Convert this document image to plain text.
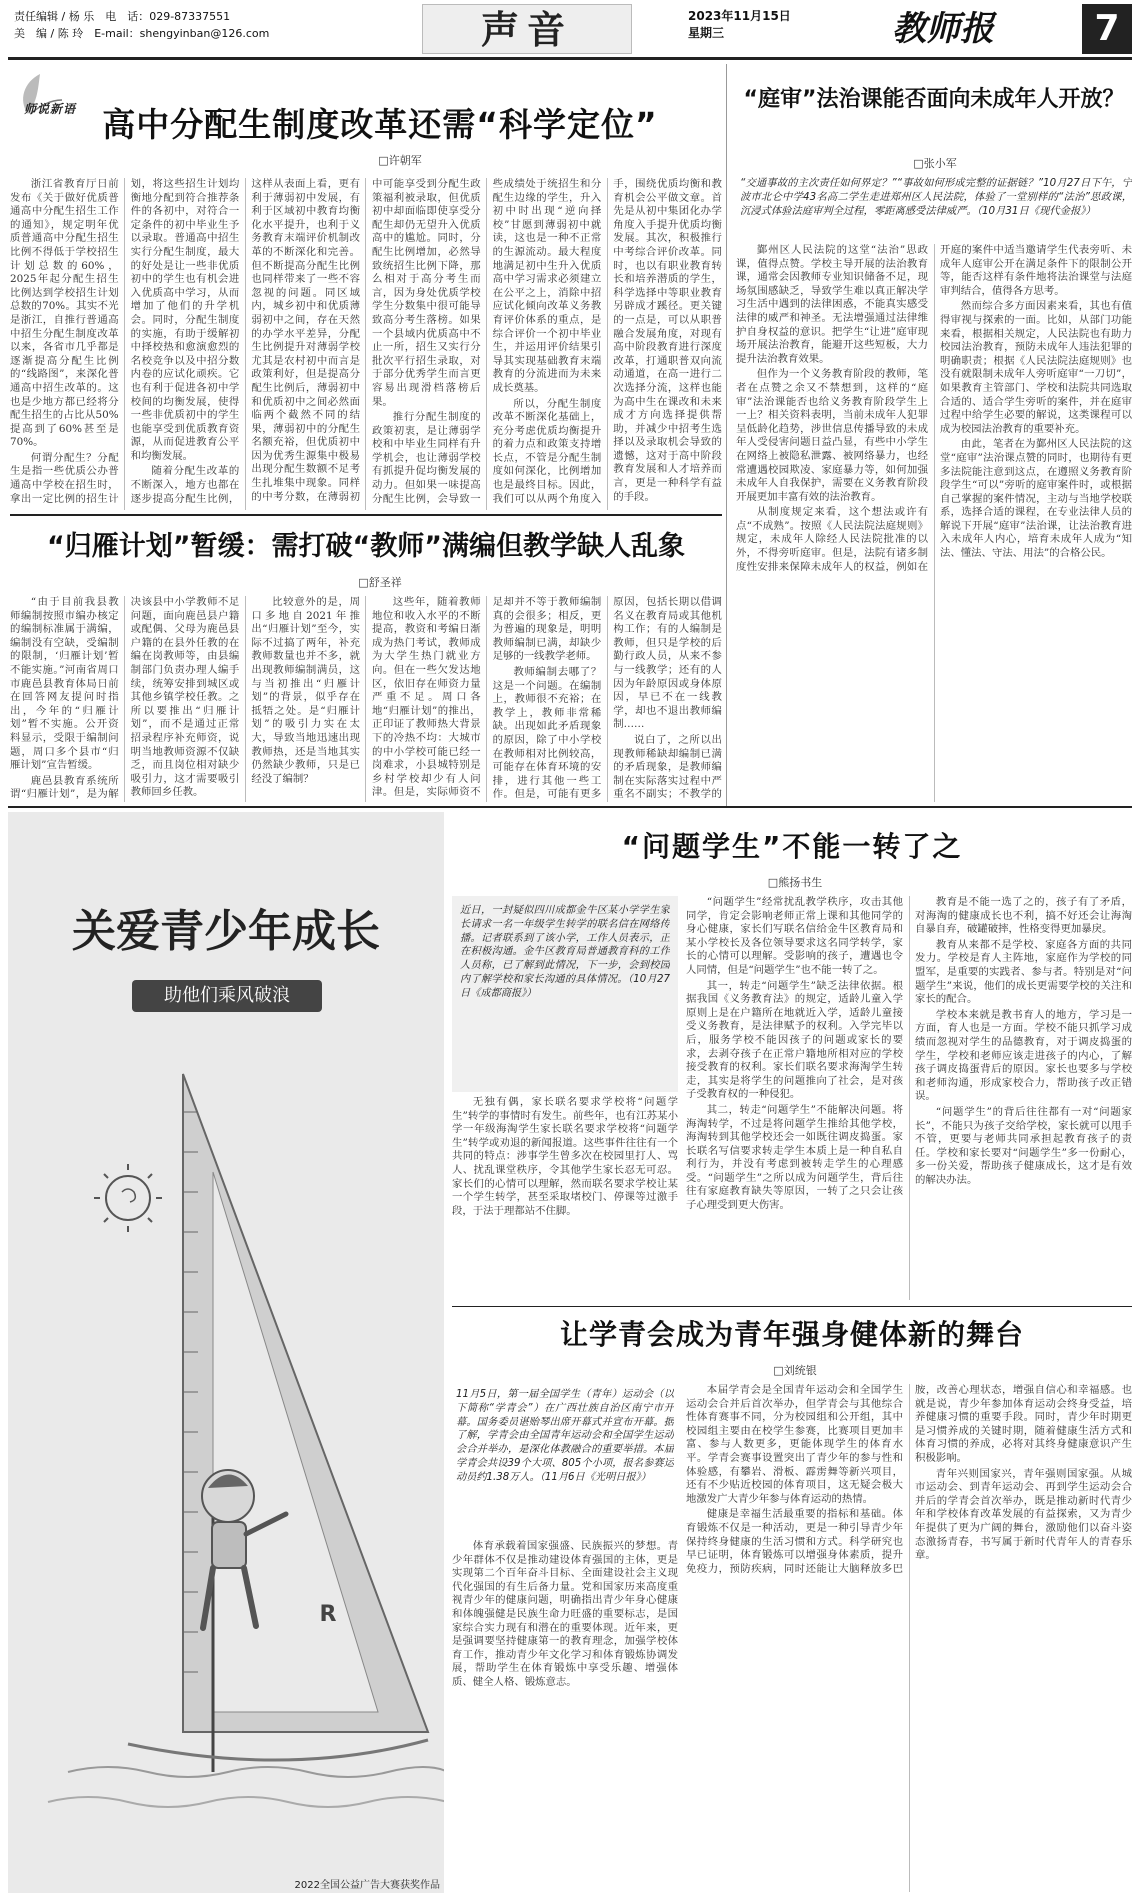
责任编辑 / 杨 乐　电　话：029-87337551
美　编 / 陈 玲　E-mail：shengyinban@126.com	声音	2023年11月15日
星期三	教师报	7
师说新语 高中分配生制度改革还需“科学定位”
□许朝军

浙江省教育厅日前发布《关于做好优质普通高中分配生招生工作的通知》，规定明年优质普通高中分配生招生比例不得低于学校招生计划总数的60%，2025年起分配生招生比例达到学校招生计划总数的70%。其实不光是浙江，自推行普通高中招生分配生制度改革以来，各省市几乎都是逐渐提高分配生比例的“线路图”，来深化普通高中招生改革的。这也是少地方都已经将分配生招生的占比从50%提高到了60%甚至是70%。

何谓分配生？分配生是指一些优质公办普通高中学校在招生时，拿出一定比例的招生计划，将这些招生计划均衡地分配到符合推荐条件的各初中，对符合一定条件的初中毕业生予以录取。普通高中招生实行分配生制度，最大的好处是让一些非优质初中的学生也有机会进入优质高中学习，从而增加了他们的升学机会。同时，分配生制度的实施，有助于缓解初中择校热和愈演愈烈的名校竞争以及中招分数内卷的应试化顽疾。它也有利于促进各初中学校间的均衡发展，使得一些非优质初中的学生也能享受到优质教育资源，从而促进教育公平和均衡发展。

随着分配生改革的不断深入，地方也都在逐步提高分配生比例，这样从表面上看，更有利于薄弱初中发展，有利于区域初中教育均衡化水平提升，也利于义务教育末端评价机制改革的不断深化和完善。但不断提高分配生比例也同样带来了一些不容忽视的问题。同区域内，城乡初中和优质薄弱初中之间，存在天然的办学水平差异，分配生比例提升对薄弱学校尤其是农村初中而言是政策利好，但是提高分配生比例后，薄弱初中和优质初中之间必然面临两个截然不同的结果，薄弱初中的分配生名额充裕，但优质初中因为优秀生源集中极易出现分配生数额不足考生扎堆集中现象。同样的中考分数，在薄弱初中可能享受到分配生政策福利被录取，但优质初中却面临即使享受分配生却仍无望升入优质高中的尴尬。同时，分配生比例增加，必然导致统招生比例下降，那么相对于高分考生而言，因为身处优质学校学生分数集中很可能导致高分考生落榜。如果一个县域内优质高中不止一所，招生又实行分批次平行招生录取，对于部分优秀学生而言更容易出现滑档落榜后果。

推行分配生制度的政策初衷，是让薄弱学校和中毕业生同样有升学机会，也让薄弱学校有抓提升促均衡发展的动力。但如果一味提高分配生比例，会导致一些成绩处于统招生和分配生边缘的学生，升入初中时出现“逆向择校”甘愿到薄弱初中就读，这也是一种不正常的生源流动。最大程度地满足初中生升入优质高中学习需求必须建立在公平之上，消除中招应试化倾向改革义务教育评价体系的重点，是综合评价一个初中毕业生，并运用评价结果引导其实现基础教育末端教育的分流进而为未来成长奠基。

所以，分配生制度改革不断深化基础上，充分考虑优质均衡提升的着力点和政策支持增长点，不管是分配生制度如何深化，比例增加也是最终目标。因此，我们可以从两个角度入手，围绕优质均衡和教育机会公平做文章。首先是从初中集团化办学角度入手提升优质均衡发展。其次，积极推行中考综合评价改革。同时，也以有职业教育转长和培养潜质的学生，科学选择中等职业教育另辟成才蹊径。更关键的一点是，可以从职普融合发展角度，对现有高中阶段教育进行深度改革，打通职普双向流动通道，在高一进行二次选择分流，这样也能为高中生在课改和未来成才方向选择提供帮助，并减少中招考生选择以及录取机会导致的遗憾，这对于高中阶段教育发展和人才培养而言，更是一种科学有益的手段。

“归雁计划”暂缓：需打破“教师”满编但教学缺人乱象
□舒圣祥

“由于目前我县教师编制按照市编办核定的编制标准属于满编，编制没有空缺，受编制的限制，‘归雁计划’暂不能实施。”河南省周口市鹿邑县教育体局日前在回答网友提问时指出，今年的“归雁计划”暂不实施。公开资料显示，受限于编制问题，周口多个县市“归雁计划”宣告暂缓。

鹿邑县教育系统所谓“归雁计划”，是为解决该县中小学教师不足问题，面向鹿邑县户籍或配偶、父母为鹿邑县户籍的在县外任教的在编在岗教师等，由县编制部门负责办理人编手续，统筹安排到城区或其他乡镇学校任教。之所以要推出“归雁计划”，而不是通过正常招录程序补充师资，说明当地教师资源不仅缺乏，而且岗位相对缺少吸引力，这才需要吸引教师回乡任教。

比较意外的是，周口多地自2021年推出“归雁计划”至今，实际不过搞了两年，补充教师数量也并不多，就出现教师编制满员，这与当初推出“归雁计划”的背景，似乎存在抵牾之处。是“归雁计划”的吸引力实在太大，导致当地迅速出现教师热，还是当地其实仍然缺少教师，只是已经没了编制？

这些年，随着教师地位和收入水平的不断提高，教资和考编日渐成为热门考试，教师成为大学生热门就业方向。但在一些欠发达地区，依旧存在师资力量严重不足。周口各地“归雁计划”的推出，正印证了教师热大背景下的冷热不均：大城市的中小学校可能已经一岗难求，小县城特别是乡村学校却少有人问津。但是，实际师资不足却并不等于教师编制真的会很多；相反，更为普遍的现象是，明明教师编制已满，却缺少足够的一线教学老师。

教师编制去哪了？这是一个问题。在编制上，教师很不充裕；在教学上，教师非常稀缺。出现如此矛盾现象的原因，除了中小学校在教师相对比例较高，可能存在体育环境的安排，进行其他一些工作。但是，可能有更多原因，包括长期以借调名义在教育局或其他机构工作；有的人编制是教师，但只是学校的后勤行政人员，从来不参与一线教学；还有的人因为年龄原因或身体原因，早已不在一线教学，却也不退出教师编制……

说白了，之所以出现教师稀缺却编制已满的矛盾现象，是教师编制在实际落实过程中严重名不副实；不教学的

“庭审”法治课能否面向未成年人开放？
□张小军
“交通事故的主次责任如何界定？”“事故如何形成完整的证据链？”10月27日下午，宁波市北仑中学43名高二学生走进郑州区人民法院，体验了一堂别样的“法治”思政课，沉浸式体验法庭审判全过程，零距离感受法律威严。（10月31日《现代金报》）

鄞州区人民法院的这堂“法治”思政课，值得点赞。学校主导开展的法治教育课，通常会因教师专业知识储备不足，现场氛围感缺乏，导致学生难以真正解决学习生活中遇到的法律困惑，不能真实感受法律的威严和神圣。无法增强通过法律维护自身权益的意识。把学生“让进”庭审现场开展法治教育，能避开这些短板，大力提升法治教育效果。

但作为一个义务教育阶段的教师，笔者在点赞之余又不禁想到，这样的“庭审”法治课能否也给义务教育阶段学生上一上？相关资料表明，当前未成年人犯罪呈低龄化趋势，涉世信息传播导致的未成年人受侵害问题日益凸显，有些中小学生在网络上被隐私泄露、被网络暴力，也经常遭遇校园欺凌、家庭暴力等，如何加强未成年人自我保护，需要在义务教育阶段开展更加丰富有效的法治教育。

从制度规定来看，这个想法或许有点“不成熟”。按照《人民法院法庭规则》规定，未成年人除经人民法院批准的以外，不得旁听庭审。但是，法院有诸多制度性安排来保障未成年人的权益，例如在开庭的案件中适当邀请学生代表旁听、未成年人庭审公开在满足条件下的限制公开等，能否这样有条件地将法治课堂与法庭审判结合，值得各方思考。

然而综合多方面因素来看，其也有值得审视与探索的一面。比如，从部门功能来看，根据相关规定，人民法院也有助力校园法治教育，预防未成年人违法犯罪的明确职责；根据《人民法院法庭规则》也没有就限制未成年人旁听庭审“一刀切”，如果教育主管部门、学校和法院共同选取合适的、适合学生旁听的案件，并在庭审过程中给学生必要的解说，这类课程可以成为校园法治教育的重要补充。

由此，笔者在为鄞州区人民法院的这堂“庭审”法治课点赞的同时，也期待有更多法院能注意到这点，在遵照义务教育阶段学生“可以”旁听的庭审案件时，或根据自己掌握的案件情况，主动与当地学校联系，选择合适的课程，在专业法律人员的解说下开展“庭审”法治课，让法治教育进入未成年人内心，培育未成年人成为“知法、懂法、守法、用法”的合格公民。

关爱青少年成长
助他们乘风破浪
R
2022全国公益广告大赛获奖作品
“问题学生”不能一转了之
□熊扬书生
近日，一封疑似四川成都金牛区某小学学生家长请求一名一年级学生转学的联名信在网络传播。记者联系到了该小学，工作人员表示，正在积极沟通。金牛区教育局普通教育科的工作人员称，已了解到此情况，下一步，会到校园内了解学校和家长沟通的具体情况。（10月27日《成都商报》）

无独有偶，家长联名要求学校将“问题学生”转学的事情时有发生。前些年，也有江苏某小学一年级海淘学生家长联名要求学校将“问题学生”转学或劝退的新闻报道。这些事件往往有一个共同的特点：涉事学生曾多次在校园里打人、骂人、扰乱课堂秩序，令其他学生家长忍无可忍。家长们的心情可以理解，然而联名要求学校让某一个学生转学，甚至采取堵校门、停课等过激手段，于法于理都站不住脚。

“问题学生”经常扰乱教学秩序，攻击其他同学，肯定会影响老师正常上课和其他同学的身心健康，家长们写联名信给金牛区教育局和某小学校长及各位领导要求这名同学转学，家长的心情可以理解。受影响的孩子，遭遇也令人同情，但是“问题学生”也不能一转了之。

其一，转走“问题学生”缺乏法律依据。根据我国《义务教育法》的规定，适龄儿童入学原则上是在户籍所在地就近入学，适龄儿童接受义务教育，是法律赋予的权利。入学完毕以后，服务学校不能因孩子的问题或家长的要求，去剥夺孩子在正常户籍地所相对应的学校接受教育的权利。家长们联名要求海淘学生转走，其实是将学生的问题推向了社会，是对孩子受教育权的一种侵犯。

其二，转走“问题学生”不能解决问题。将海淘转学，不过是将问题学生推给其他学校，海淘转到其他学校还会一如既往调皮捣蛋。家长联名写信要求转走学生本质上是一种自私自利行为，并没有考虑到被转走学生的心理感受。“问题学生”之所以成为问题学生，背后往往有家庭教育缺失等原因，一转了之只会让孩子心理受到更大伤害。

教育是不能一选了之的，孩子有了矛盾，对海淘的健康成长也不利，搞不好还会让海淘自暴自弃，破罐破摔，性格变得更加暴戾。

教育从来都不是学校、家庭各方面的共同发力。学校是育人主阵地，家庭作为学校的同盟军，是重要的实践者、参与者。特别是对“问题学生”来说，他们的成长更需要学校的关注和家长的配合。

学校本来就是教书育人的地方，学习是一方面，育人也是一方面。学校不能只抓学习成绩而忽视对学生的品德教育，对于调皮捣蛋的学生，学校和老师应该走进孩子的内心，了解孩子调皮捣蛋背后的原因。家长也要多与学校和老师沟通，形成家校合力，帮助孩子改正错误。

“问题学生”的背后往往都有一对“问题家长”，不能只为孩子交给学校，家长就可以甩手不管，更要与老师共同承担起教育孩子的责任。学校和家长要对“问题学生”多一份耐心，多一份关爱，帮助孩子健康成长，这才是有效的解决办法。

让学青会成为青年强身健体新的舞台
□刘统银
11月5日，第一届全国学生（青年）运动会（以下简称“学青会”）在广西壮族自治区南宁市开幕。国务委员谌贻琴出席开幕式并宣布开幕。据了解，学青会由全国青年运动会和全国学生运动会合并举办，是深化体教融合的重要举措。本届学青会共设39个大项、805个小项，报名参赛运动员约1.38万人。（11月6日《光明日报》）

体育承载着国家强盛、民族振兴的梦想。青少年群体不仅是推动建设体育强国的主体，更是实现第二个百年奋斗目标、全面建设社会主义现代化强国的有生后备力量。党和国家历来高度重视青少年的健康问题，明确指出青少年身心健康和体魄强健是民族生命力旺盛的重要标志，是国家综合实力现有和潜在的重要体现。近年来，更是强调要坚持健康第一的教育理念，加强学校体育工作，推动青少年文化学习和体育锻炼协调发展，帮助学生在体育锻炼中享受乐趣、增强体质、健全人格、锻炼意志。

本届学青会是全国青年运动会和全国学生运动会合并后首次举办，但学青会与其他综合性体育赛事不同，分为校园组和公开组，其中校园组主要由在校学生参赛，比赛项目更加丰富、参与人数更多，更能体现学生的体育水平。学青会赛事设置突出了青少年的参与性和体验感，有攀岩、滑板、霹雳舞等新兴项目，还有不少贴近校园的体育项目，这无疑会极大地激发广大青少年参与体育运动的热情。

健康是幸福生活最重要的指标和基础。体育锻炼不仅是一种活动，更是一种引导青少年保持终身健康的生活习惯和方式。科学研究也早已证明，体育锻炼可以增强身体素质，提升免疫力，预防疾病，同时还能让大脑释放多巴胺，改善心理状态，增强自信心和幸福感。也就是说，青少年参加体育运动会终身受益，培养健康习惯的重要手段。同时，青少年时期更是习惯养成的关键时期，随着健康生活方式和体育习惯的养成，必将对其终身健康意识产生积极影响。

青年兴则国家兴，青年强则国家强。从城市运动会、到青年运动会、再到学生运动会合并后的学青会首次举办，既是推动新时代青少年和学校体育改革发展的有益探索，又为青少年提供了更为广阔的舞台，激励他们以奋斗姿态激扬青春，书写属于新时代青年人的青春乐章。
